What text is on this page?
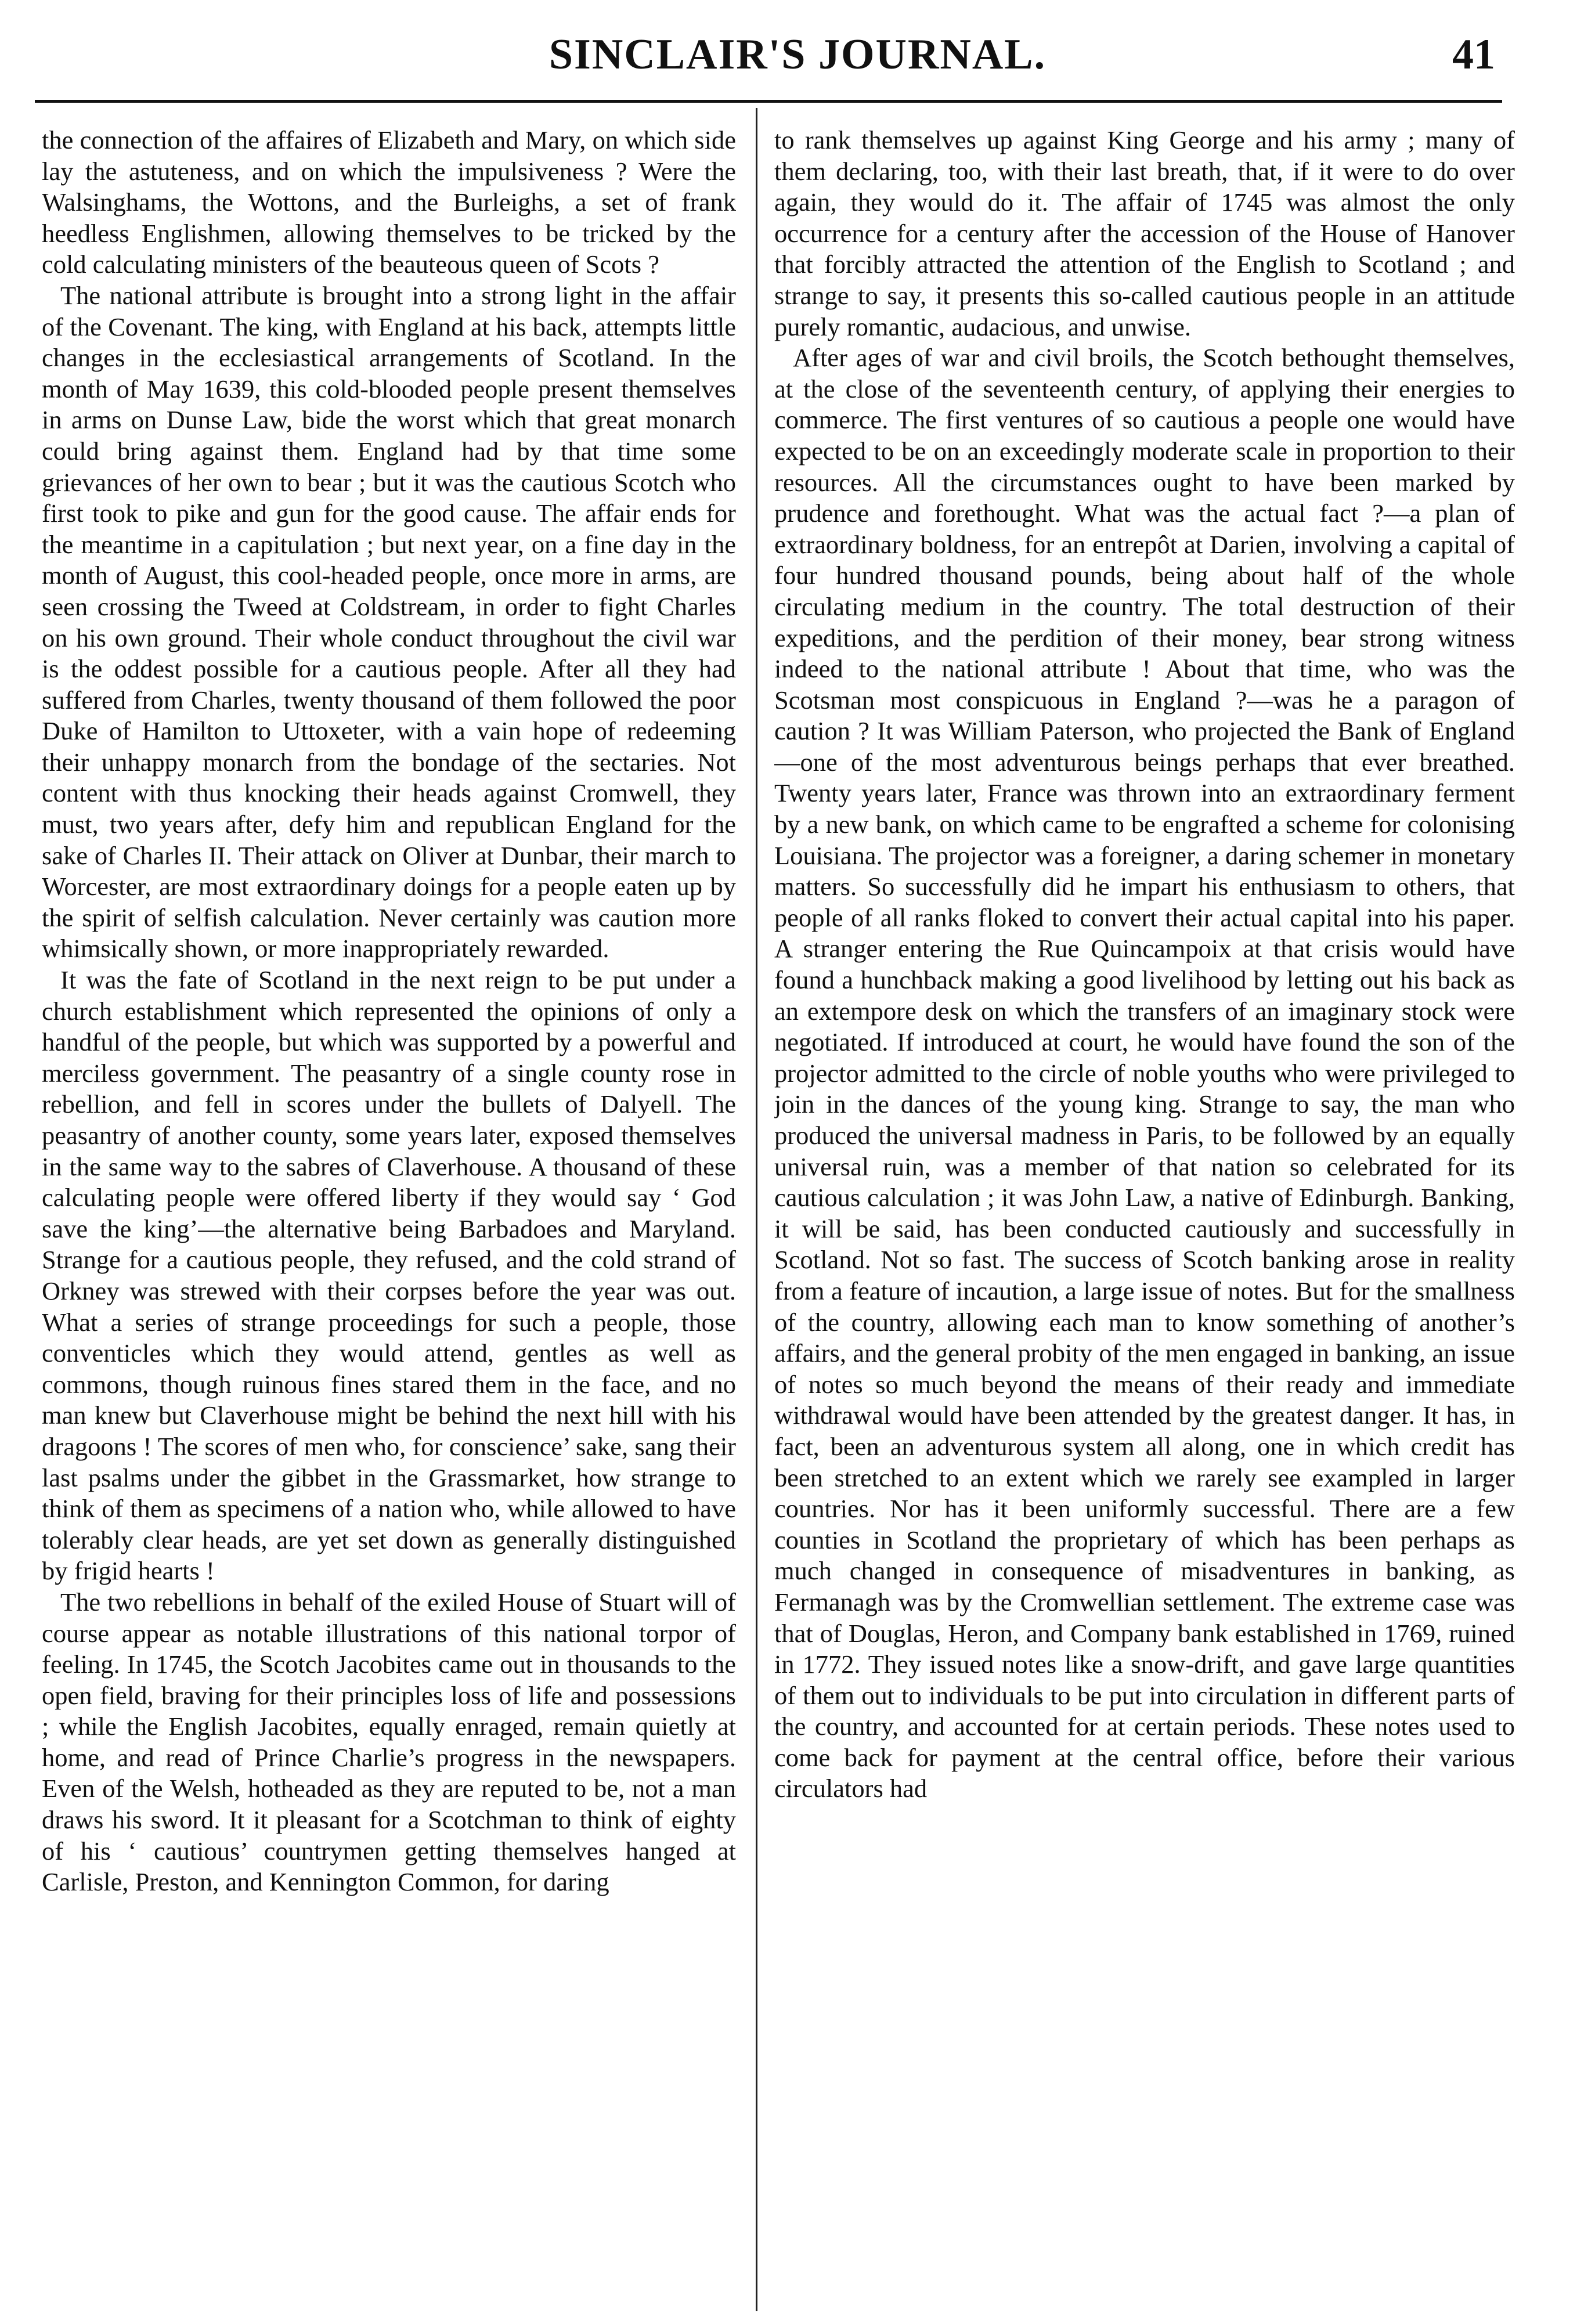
SINCLAIR'S JOURNAL.	41

the connection of the affaires of Elizabeth and Mary, on which side lay the astuteness, and on which the impulsiveness ? Were the Walsinghams, the Wottons, and the Burleighs, a set of frank heedless Englishmen, allowing themselves to be tricked by the cold calculating ministers of the beauteous queen of Scots ?

The national attribute is brought into a strong light in the affair of the Covenant. The king, with England at his back, attempts little changes in the ecclesiastical arrangements of Scotland. In the month of May 1639, this cold-blooded people present themselves in arms on Dunse Law, bide the worst which that great monarch could bring against them. England had by that time some grievances of her own to bear ; but it was the cautious Scotch who first took to pike and gun for the good cause. The affair ends for the meantime in a capitulation ; but next year, on a fine day in the month of August, this cool-headed people, once more in arms, are seen crossing the Tweed at Coldstream, in order to fight Charles on his own ground. Their whole conduct throughout the civil war is the oddest possible for a cautious people. After all they had suffered from Charles, twenty thousand of them followed the poor Duke of Hamilton to Uttoxeter, with a vain hope of redeeming their unhappy monarch from the bondage of the sectaries. Not content with thus knocking their heads against Cromwell, they must, two years after, defy him and republican England for the sake of Charles II. Their attack on Oliver at Dunbar, their march to Worcester, are most extraordinary doings for a people eaten up by the spirit of selfish calculation. Never certainly was caution more whimsically shown, or more inappropriately rewarded.

It was the fate of Scotland in the next reign to be put under a church establishment which represented the opinions of only a handful of the people, but which was supported by a powerful and merciless government. The peasantry of a single county rose in rebellion, and fell in scores under the bullets of Dalyell. The peasantry of another county, some years later, exposed themselves in the same way to the sabres of Claverhouse. A thousand of these calculating people were offered liberty if they would say ‘ God save the king’—the alternative being Barbadoes and Maryland. Strange for a cautious people, they refused, and the cold strand of Orkney was strewed with their corpses before the year was out. What a series of strange proceedings for such a people, those conventicles which they would attend, gentles as well as commons, though ruinous fines stared them in the face, and no man knew but Claverhouse might be behind the next hill with his dragoons ! The scores of men who, for conscience’ sake, sang their last psalms under the gibbet in the Grassmarket, how strange to think of them as specimens of a nation who, while allowed to have tolerably clear heads, are yet set down as generally distinguished by frigid hearts !

The two rebellions in behalf of the exiled House of Stuart will of course appear as notable illustrations of this national torpor of feeling. In 1745, the Scotch Jacobites came out in thousands to the open field, braving for their principles loss of life and possessions ; while the English Jacobites, equally enraged, remain quietly at home, and read of Prince Charlie’s progress in the newspapers. Even of the Welsh, hotheaded as they are reputed to be, not a man draws his sword. It it pleasant for a Scotchman to think of eighty of his ‘ cautious’ countrymen getting themselves hanged at Carlisle, Preston, and Kennington Common, for daring

to rank themselves up against King George and his army ; many of them declaring, too, with their last breath, that, if it were to do over again, they would do it. The affair of 1745 was almost the only occurrence for a century after the accession of the House of Hanover that forcibly attracted the attention of the English to Scotland ; and strange to say, it presents this so-called cautious people in an attitude purely romantic, audacious, and unwise.

After ages of war and civil broils, the Scotch bethought themselves, at the close of the seventeenth century, of applying their energies to commerce. The first ventures of so cautious a people one would have expected to be on an exceedingly moderate scale in proportion to their resources. All the circumstances ought to have been marked by prudence and forethought. What was the actual fact ?—a plan of extraordinary boldness, for an entrepôt at Darien, involving a capital of four hundred thousand pounds, being about half of the whole circulating medium in the country. The total destruction of their expeditions, and the perdition of their money, bear strong witness indeed to the national attribute ! About that time, who was the Scotsman most conspicuous in England ?—was he a paragon of caution ? It was William Paterson, who projected the Bank of England—one of the most adventurous beings perhaps that ever breathed. Twenty years later, France was thrown into an extraordinary ferment by a new bank, on which came to be engrafted a scheme for colonising Louisiana. The projector was a foreigner, a daring schemer in monetary matters. So successfully did he impart his enthusiasm to others, that people of all ranks floked to convert their actual capital into his paper. A stranger entering the Rue Quincampoix at that crisis would have found a hunchback making a good livelihood by letting out his back as an extempore desk on which the transfers of an imaginary stock were negotiated. If introduced at court, he would have found the son of the projector admitted to the circle of noble youths who were privileged to join in the dances of the young king. Strange to say, the man who produced the universal madness in Paris, to be followed by an equally universal ruin, was a member of that nation so celebrated for its cautious calculation ; it was John Law, a native of Edinburgh. Banking, it will be said, has been conducted cautiously and successfully in Scotland. Not so fast. The success of Scotch banking arose in reality from a feature of incaution, a large issue of notes. But for the smallness of the country, allowing each man to know something of another’s affairs, and the general probity of the men engaged in banking, an issue of notes so much beyond the means of their ready and immediate withdrawal would have been attended by the greatest danger. It has, in fact, been an adventurous system all along, one in which credit has been stretched to an extent which we rarely see exampled in larger countries. Nor has it been uniformly successful. There are a few counties in Scotland the proprietary of which has been perhaps as much changed in consequence of misadventures in banking, as Fermanagh was by the Cromwellian settlement. The extreme case was that of Douglas, Heron, and Company bank established in 1769, ruined in 1772. They issued notes like a snow-drift, and gave large quantities of them out to individuals to be put into circulation in different parts of the country, and accounted for at certain periods. These notes used to come back for payment at the central office, before their various circulators had
